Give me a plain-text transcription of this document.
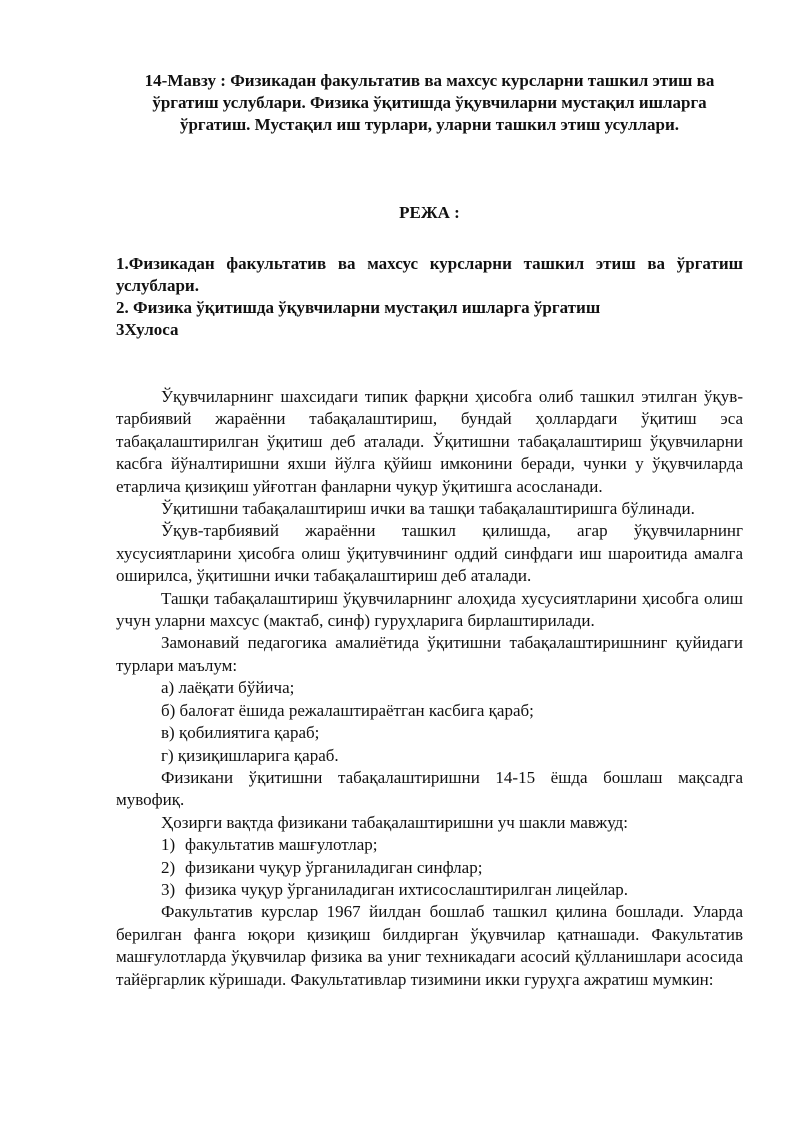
14-Мавзу : Физикадан факультатив ва махсус курсларни ташкил этиш ва ўргатиш услублари. Физика ўқитишда ўқувчиларни мустақил ишларга ўргатиш. Мустақил иш турлари, уларни ташкил этиш усуллари.

РЕЖА :

1.Физикадан факультатив ва махсус курсларни ташкил этиш ва ўргатиш услублари.
2. Физика ўқитишда ўқувчиларни мустақил ишларга ўргатиш
3Хулоса

Ўқувчиларнинг шахсидаги типик фарқни ҳисобга олиб ташкил этилган ўқув-тарбиявий жараённи табақалаштириш, бундай ҳоллардаги ўқитиш эса табақалаштирилган ўқитиш деб аталади. Ўқитишни табақалаштириш ўқувчиларни касбга йўналтиришни яхши йўлга қўйиш имконини беради, чунки у ўқувчиларда етарлича қизиқиш уйғотган фанларни чуқур ўқитишга асосланади.

Ўқитишни табақалаштириш ички ва ташқи табақалаштиришга бўлинади.

Ўқув-тарбиявий жараённи ташкил қилишда, агар ўқувчиларнинг хусусиятларини ҳисобга олиш ўқитувчининг оддий синфдаги иш шароитида амалга оширилса, ўқитишни ички табақалаштириш деб аталади.

Ташқи табақалаштириш ўқувчиларнинг алоҳида хусусиятларини ҳисобга олиш учун уларни махсус (мактаб, синф) гуруҳларига бирлаштирилади.

Замонавий педагогика амалиётида ўқитишни табақалаштиришнинг қуйидаги турлари маълум:

а) лаёқати бўйича;

б) балоғат ёшида режалаштираётган касбига қараб;

в) қобилиятига қараб;

г) қизиқишларига қараб.

Физикани ўқитишни табақалаштиришни 14-15 ёшда бошлаш мақсадга мувофиқ.

Ҳозирги вақтда физикани табақалаштиришни уч шакли мавжуд:

1) факультатив машғулотлар;

2) физикани чуқур ўрганиладиган синфлар;

3) физика чуқур ўрганиладиган ихтисослаштирилган лицейлар.

Факультатив курслар 1967 йилдан бошлаб ташкил қилина бошлади. Уларда берилган фанга юқори қизиқиш билдирган ўқувчилар қатнашади. Факультатив машғулотларда ўқувчилар физика ва униг техникадаги асосий қўлланишлари асосида тайёргарлик кўришади. Факультативлар тизимини икки гуруҳга ажратиш мумкин:
